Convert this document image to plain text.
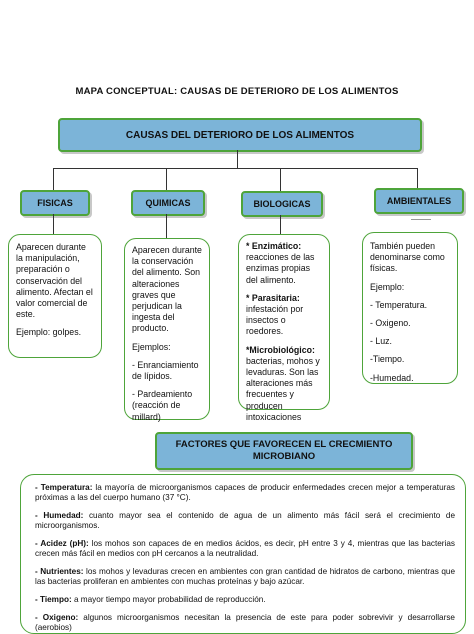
MAPA CONCEPTUAL: CAUSAS DE DETERIORO DE LOS ALIMENTOS
CAUSAS DEL DETERIORO DE LOS ALIMENTOS
FISICAS	QUIMICAS	BIOLOGICAS	AMBIENTALES

Aparecen durante la manipulación, preparación o conservación del alimento. Afectan el valor comercial de este.

Ejemplo: golpes.

Aparecen durante la conservación del alimento. Son alteraciones graves que perjudican la ingesta del producto.

Ejemplos:

- Enranciamiento de lípidos.

- Pardeamiento (reacción de millard)

* Enzimático: reacciones de las enzimas propias del alimento.

* Parasitaria: infestación por insectos o roedores.

*Microbiológico: bacterias, mohos y levaduras. Son las alteraciones más frecuentes y producen intoxicaciones

También pueden denominarse como físicas.

Ejemplo:

- Temperatura.

- Oxigeno.

- Luz.

-Tiempo.

-Humedad.

FACTORES QUE FAVORECEN EL CRECMIENTO MICROBIANO
- Temperatura: la mayoría de microorganismos capaces de producir enfermedades crecen mejor a temperaturas próximas a las del cuerpo humano (37 °C).
- Humedad: cuanto mayor sea el contenido de agua de un alimento más fácil será el crecimiento de microorganismos.
- Acidez (pH): los mohos son capaces de en medios ácidos, es decir, pH entre 3 y 4, mientras que las bacterias crecen más fácil en medios con pH cercanos a la neutralidad.
- Nutrientes: los mohos y levaduras crecen en ambientes con gran cantidad de hidratos de carbono, mientras que las bacterias proliferan en ambientes con muchas proteínas y bajo azúcar.
- Tiempo: a mayor tiempo mayor probabilidad de reproducción.
- Oxigeno: algunos microorganismos necesitan la presencia de este para poder sobrevivir y desarrollarse (aerobios)
